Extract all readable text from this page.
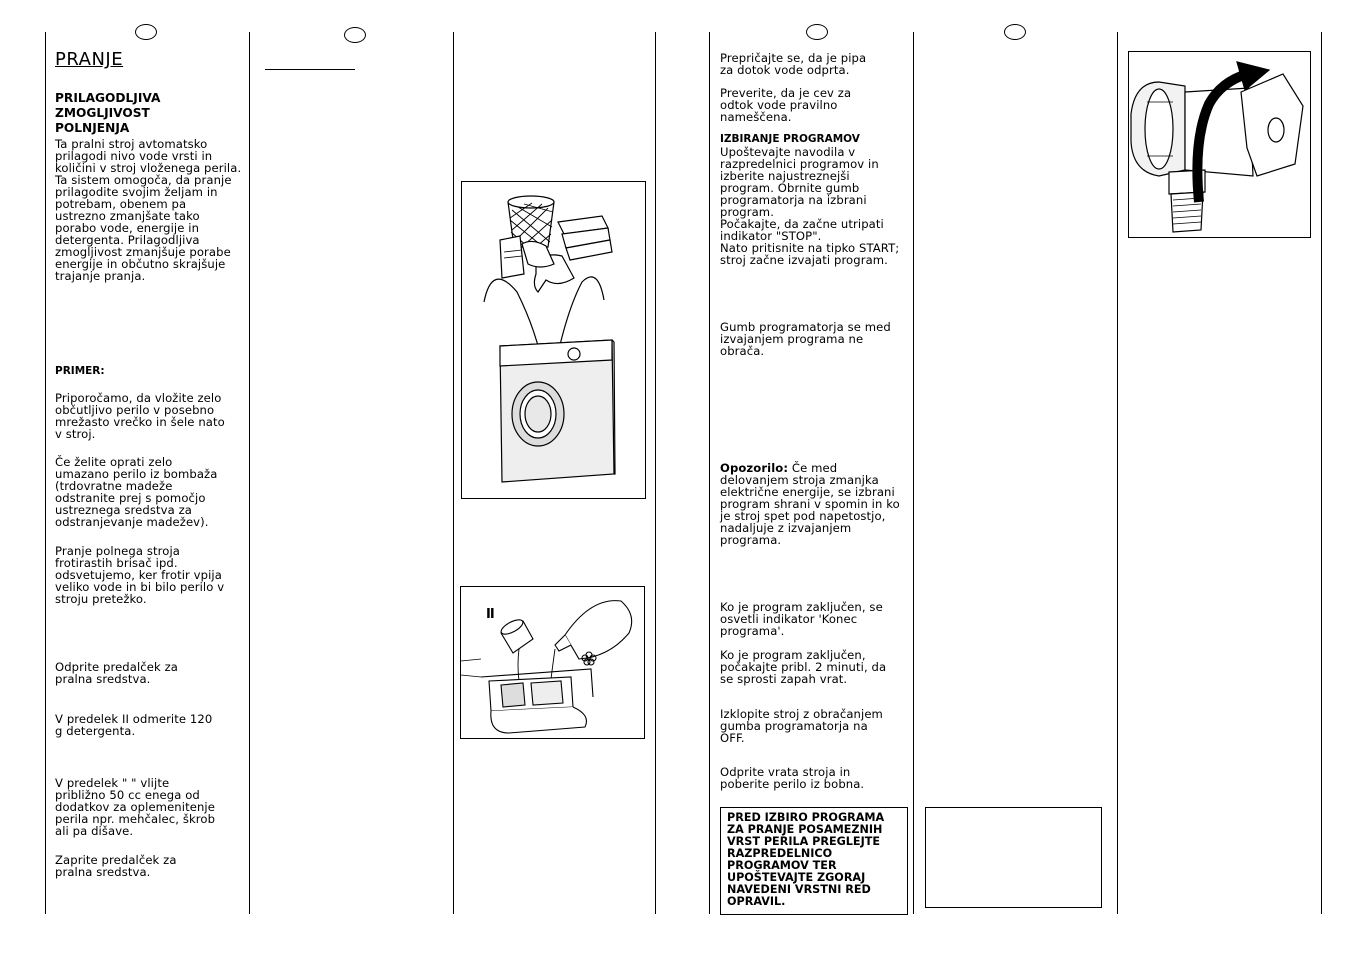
PRANJE
PRILAGODLJIVA
ZMOGLJIVOST
POLNJENJA
Ta pralni stroj avtomatsko
prilagodi nivo vode vrsti in
količini v stroj vloženega perila.
Ta sistem omogoča, da pranje
prilagodite svojim željam in
potrebam, obenem pa
ustrezno zmanjšate tako
porabo vode, energije in
detergenta. Prilagodljiva
zmogljivost zmanjšuje porabe
energije in občutno skrajšuje
trajanje pranja.
PRIMER:
Priporočamo, da vložite zelo
občutljivo perilo v posebno
mrežasto vrečko in šele nato
v stroj.
Če želite oprati zelo
umazano perilo iz bombaža
(trdovratne madeže
odstranite prej s pomočjo
ustreznega sredstva za
odstranjevanje madežev).
Pranje polnega stroja
frotirastih brisač ipd.
odsvetujemo, ker frotir vpija
veliko vode in bi bilo perilo v
stroju pretežko.
Odprite predalček za
pralna sredstva.
V predelek II odmerite 120
g detergenta.
V predelek " " vlijte
približno 50 cc enega od
dodatkov za oplemenitenje
perila npr. mehčalec, škrob
ali pa dišave.
Zaprite predalček za
pralna sredstva.
II
Prepričajte se, da je pipa
za dotok vode odprta.
Preverite, da je cev za
odtok vode pravilno
nameščena.
IZBIRANJE PROGRAMOV
Upoštevajte navodila v
razpredelnici programov in
izberite najustreznejši
program. Obrnite gumb
programatorja na izbrani
program.
Počakajte, da začne utripati
indikator "STOP".
Nato pritisnite na tipko START;
stroj začne izvajati program.
Gumb programatorja se med
izvajanjem programa ne
obrača.
Opozorilo: Če med
delovanjem stroja zmanjka
električne energije, se izbrani
program shrani v spomin in ko
je stroj spet pod napetostjo,
nadaljuje z izvajanjem
programa.
Ko je program zaključen, se
osvetli indikator 'Konec
programa'.
Ko je program zaključen,
počakajte pribl. 2 minuti, da
se sprosti zapah vrat.
Izklopite stroj z obračanjem
gumba programatorja na
OFF.
Odprite vrata stroja in
poberite perilo iz bobna.
PRED IZBIRO PROGRAMA
ZA PRANJE POSAMEZNIH
VRST PERILA PREGLEJTE
RAZPREDELNICO
PROGRAMOV TER
UPOŠTEVAJTE ZGORAJ
NAVEDENI VRSTNI RED
OPRAVIL.
